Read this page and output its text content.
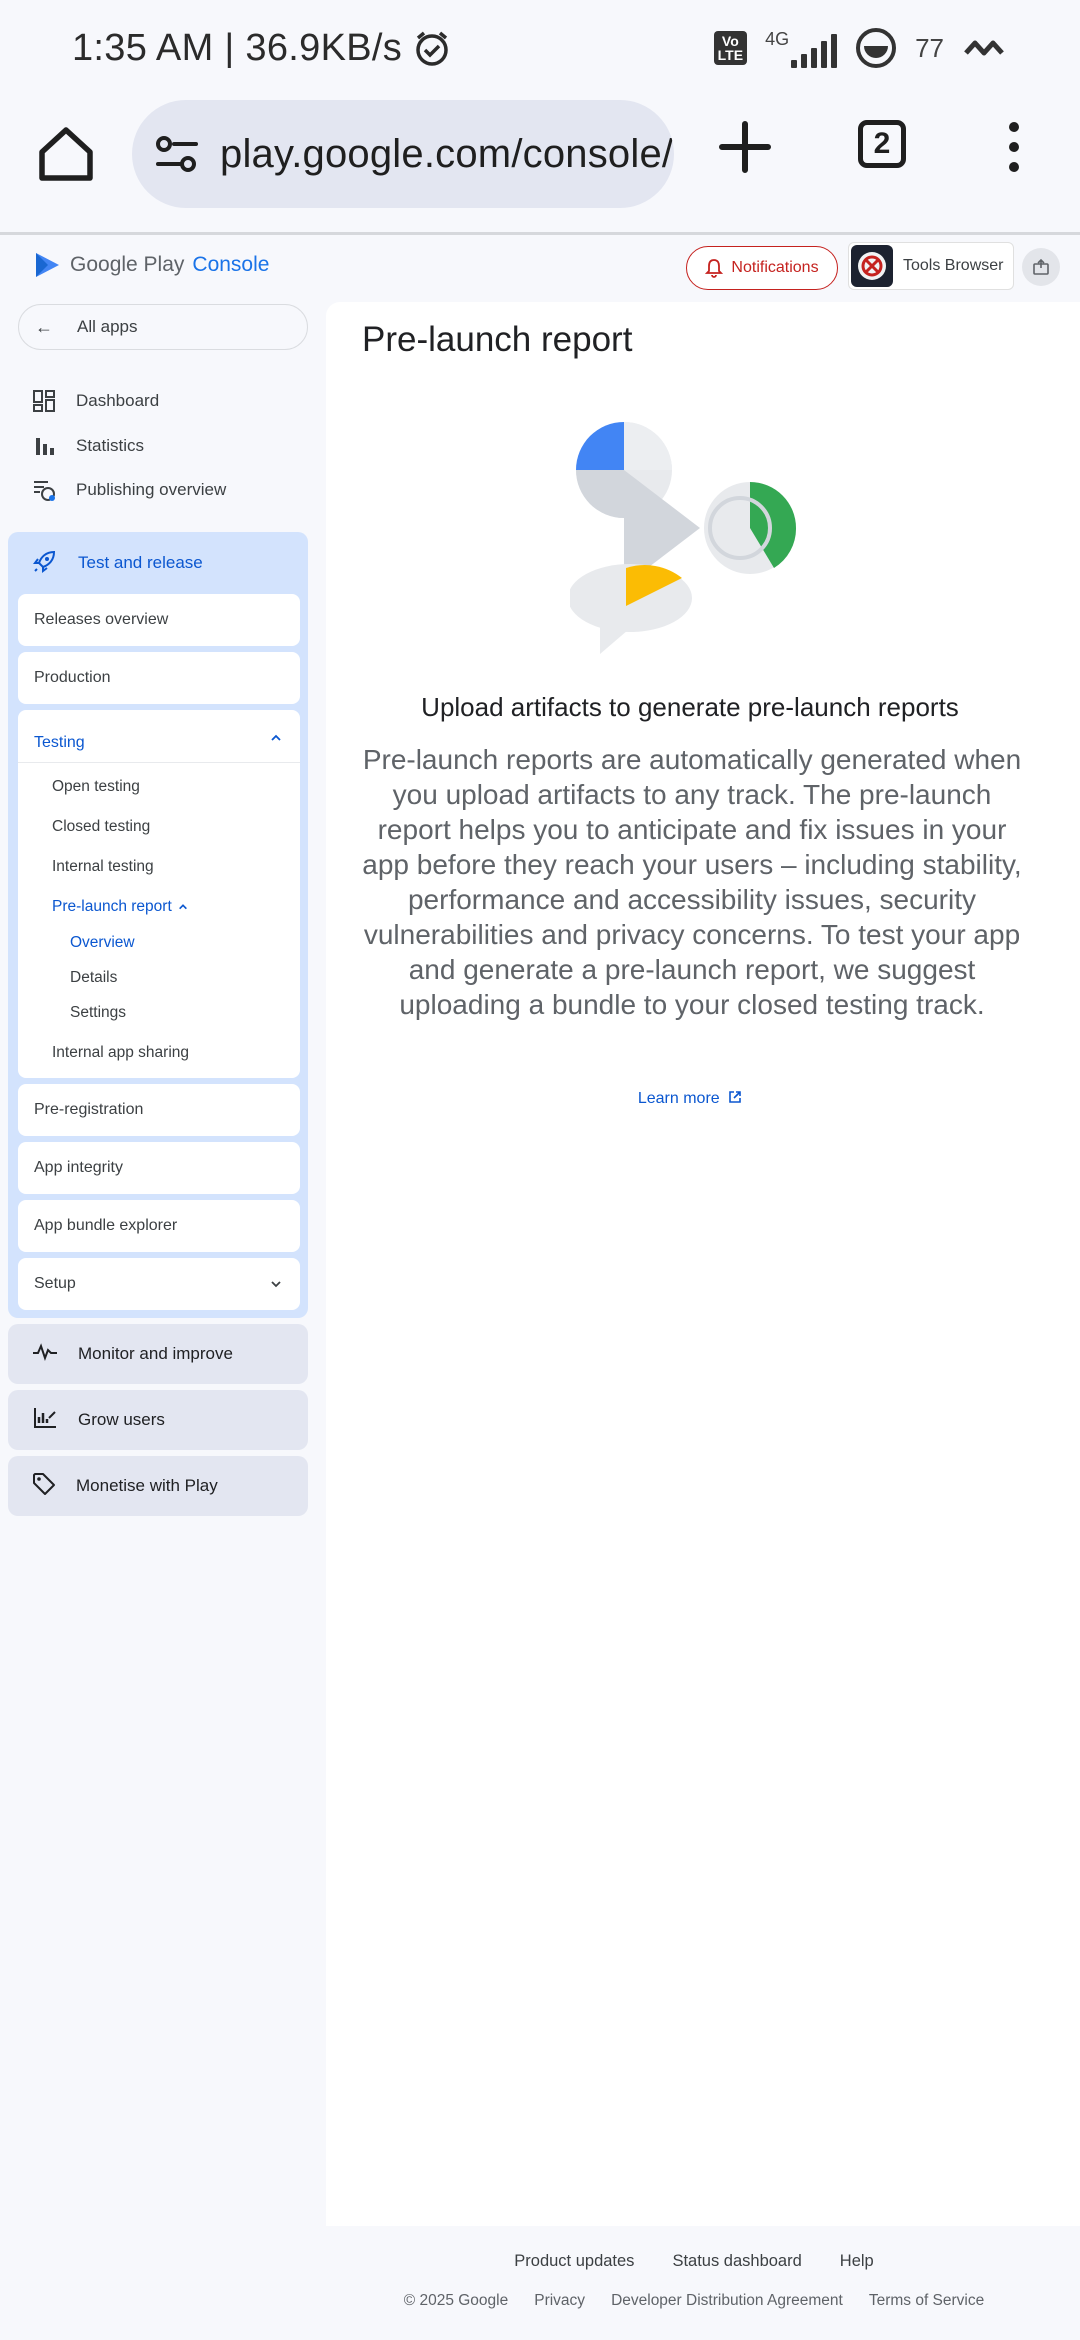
1:35 AM | 36.9KB/s	Vo
LTE
4G	77
play.google.com/console/	2
Google Play Console	Notifications	Tools Browser
← All apps
Dashboard
Statistics
Publishing overview
Test and release
Releases overview
Production
Testing
Open testing
Closed testing
Internal testing
Pre-launch report
Overview
Details
Settings
Internal app sharing
Pre-registration
App integrity
App bundle explorer
Setup
Monitor and improve
Grow users
Monetise with Play
Pre-launch report
Upload artifacts to generate pre-launch reports
Pre-launch reports are automatically generated when you upload artifacts to any track. The pre-launch report helps you to anticipate and fix issues in your app before they reach your users – including stability, performance and accessibility issues, security vulnerabilities and privacy concerns. To test your app and generate a pre-launch report, we suggest uploading a bundle to your closed testing track.
Learn more
Product updates Status dashboard Help
© 2025 Google Privacy Developer Distribution Agreement Terms of Service
